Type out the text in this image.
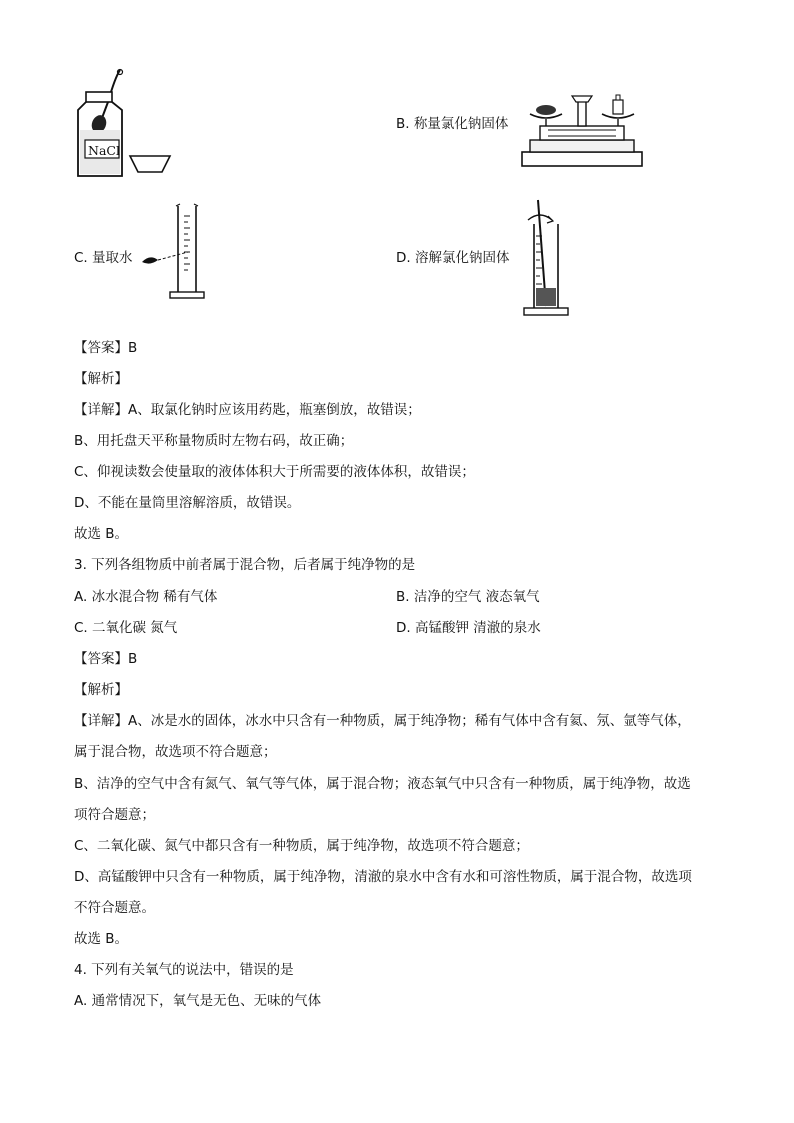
NaCl
B. 称量氯化钠固体
C. 量取水	D. 溶解氯化钠固体
【答案】B
【解析】
【详解】A、取氯化钠时应该用药匙，瓶塞倒放，故错误；
B、用托盘天平称量物质时左物右码，故正确；
C、仰视读数会使量取的液体体积大于所需要的液体体积，故错误；
D、不能在量筒里溶解溶质，故错误。
故选 B。
3. 下列各组物质中前者属于混合物，后者属于纯净物的是
A. 冰水混合物 稀有气体	B. 洁净的空气 液态氧气
C. 二氧化碳 氮气	D. 高锰酸钾 清澈的泉水
【答案】B
【解析】
【详解】A、冰是水的固体，冰水中只含有一种物质，属于纯净物；稀有气体中含有氦、氖、氩等气体，
属于混合物，故选项不符合题意；
B、洁净的空气中含有氮气、氧气等气体，属于混合物；液态氧气中只含有一种物质，属于纯净物，故选
项符合题意；
C、二氧化碳、氮气中都只含有一种物质，属于纯净物，故选项不符合题意；
D、高锰酸钾中只含有一种物质，属于纯净物，清澈的泉水中含有水和可溶性物质，属于混合物，故选项
不符合题意。
故选 B。
4. 下列有关氧气的说法中，错误的是
A. 通常情况下，氧气是无色、无味的气体
